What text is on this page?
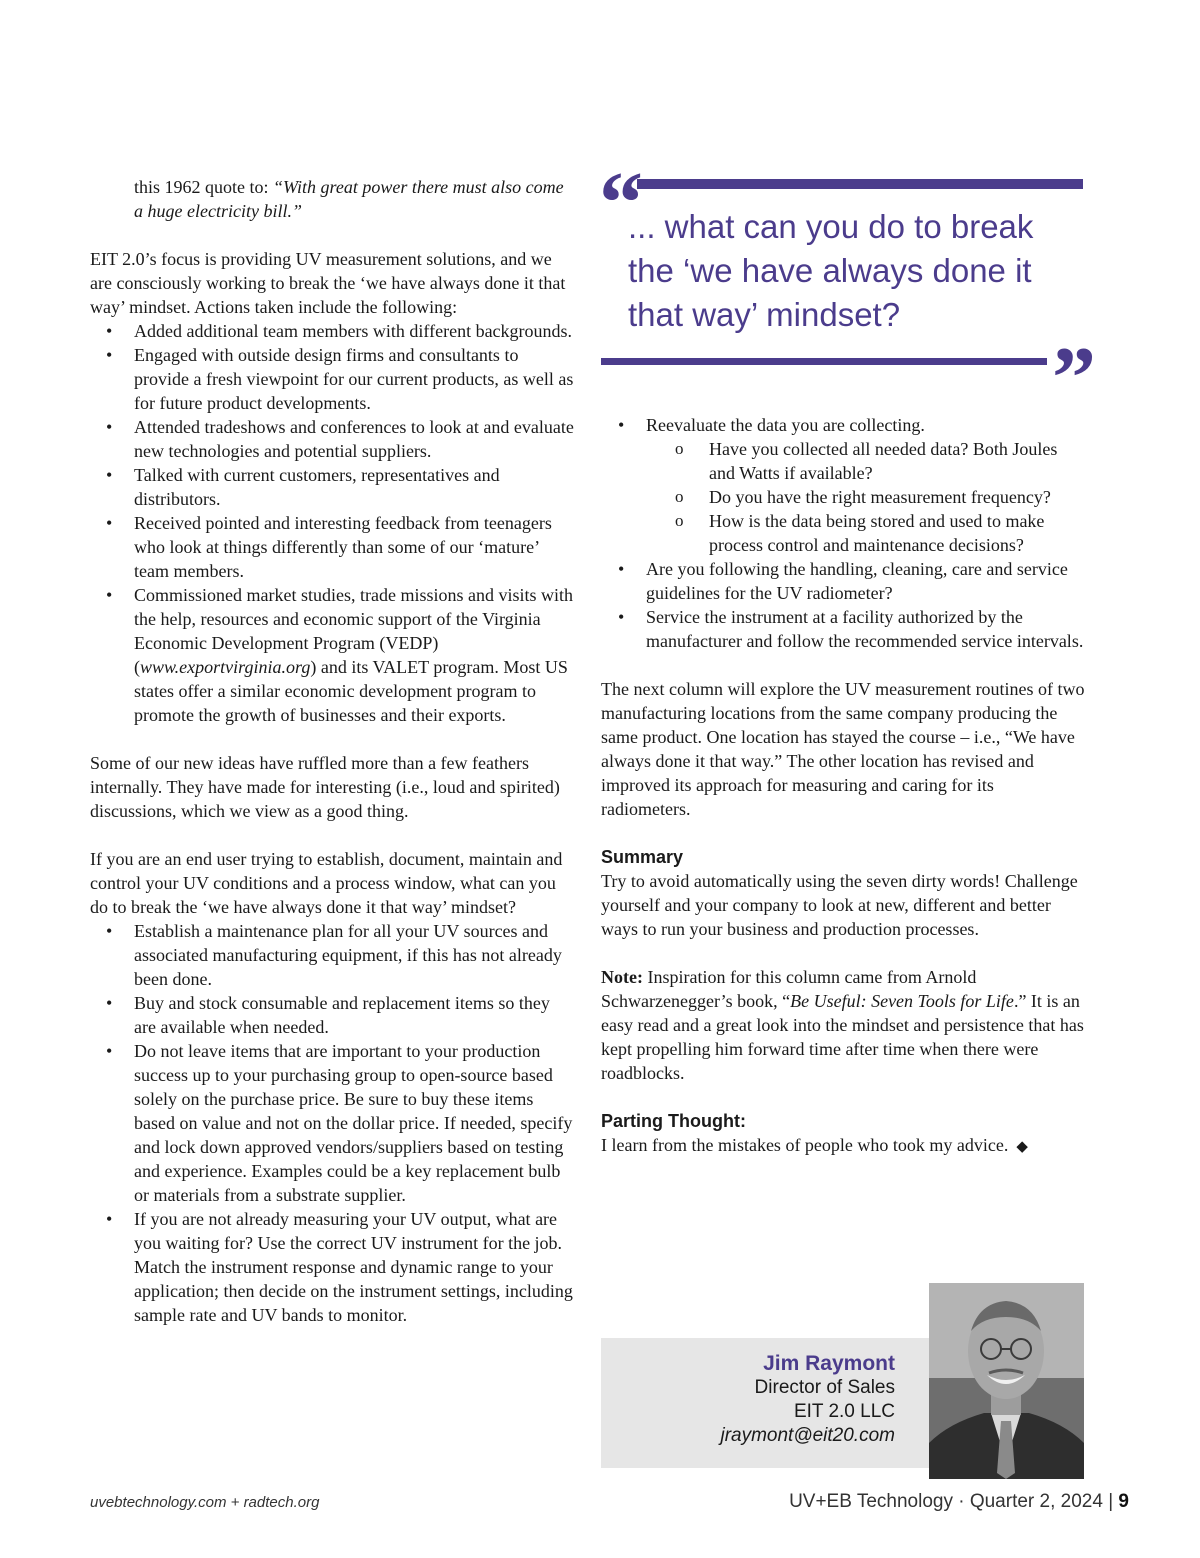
this 1962 quote to: “With great power there must also come a huge electricity bill.”

EIT 2.0’s focus is providing UV measurement solutions, and we are consciously working to break the ‘we have always done it that way’ mindset. Actions taken include the following:

• Added additional team members with different backgrounds.
• Engaged with outside design firms and consultants to provide a fresh viewpoint for our current products, as well as for future product developments.
• Attended tradeshows and conferences to look at and evaluate new technologies and potential suppliers.
• Talked with current customers, representatives and distributors.
• Received pointed and interesting feedback from teenagers who look at things differently than some of our ‘mature’ team members.
• Commissioned market studies, trade missions and visits with the help, resources and economic support of the Virginia Economic Development Program (VEDP) (www.exportvirginia.org) and its VALET program. Most US states offer a similar economic development program to promote the growth of businesses and their exports.

Some of our new ideas have ruffled more than a few feathers internally. They have made for interesting (i.e., loud and spirited) discussions, which we view as a good thing.

If you are an end user trying to establish, document, maintain and control your UV conditions and a process window, what can you do to break the ‘we have always done it that way’ mindset?

• Establish a maintenance plan for all your UV sources and associated manufacturing equipment, if this has not already been done.
• Buy and stock consumable and replacement items so they are available when needed.
• Do not leave items that are important to your production success up to your purchasing group to open-source based solely on the purchase price. Be sure to buy these items based on value and not on the dollar price. If needed, specify and lock down approved vendors/suppliers based on testing and experience. Examples could be a key replacement bulb or materials from a substrate supplier.
• If you are not already measuring your UV output, what are you waiting for? Use the correct UV instrument for the job. Match the instrument response and dynamic range to your application; then decide on the instrument settings, including sample rate and UV bands to monitor.
“

... what can you do to break the ‘we have always done it that way’ mindset?

”
• Reevaluate the data you are collecting.
o Have you collected all needed data? Both Joules and Watts if available?
o Do you have the right measurement frequency?
o How is the data being stored and used to make process control and maintenance decisions?
• Are you following the handling, cleaning, care and service guidelines for the UV radiometer?
• Service the instrument at a facility authorized by the manufacturer and follow the recommended service intervals.

The next column will explore the UV measurement routines of two manufacturing locations from the same company producing the same product. One location has stayed the course – i.e., “We have always done it that way.” The other location has revised and improved its approach for measuring and caring for its radiometers.

Summary

Try to avoid automatically using the seven dirty words! Challenge yourself and your company to look at new, different and better ways to run your business and production processes.

Note: Inspiration for this column came from Arnold Schwarzenegger’s book, “Be Useful: Seven Tools for Life.” It is an easy read and a great look into the mindset and persistence that has kept propelling him forward time after time when there were roadblocks.

Parting Thought:

I learn from the mistakes of people who took my advice. ◆

Jim Raymont
Director of Sales
EIT 2.0 LLC
jraymont@eit20.com
uvebtechnology.com + radtech.org	UV+EB Technology · Quarter 2, 2024 | 9
